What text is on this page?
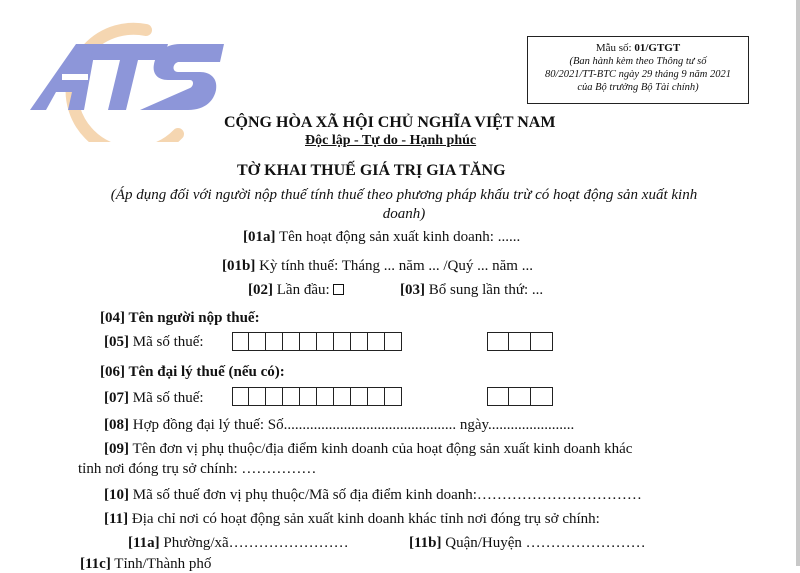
Mẫu số: 01/GTGT
(Ban hành kèm theo Thông tư số
80/2021/TT-BTC ngày 29 tháng 9 năm 2021
của Bộ trưởng Bộ Tài chính)
CỘNG HÒA XÃ HỘI CHỦ NGHĨA VIỆT NAM
Độc lập - Tự do - Hạnh phúc
TỜ KHAI THUẾ GIÁ TRỊ GIA TĂNG
(Áp dụng đối với người nộp thuế tính thuế theo phương pháp khấu trừ có hoạt động sản xuất kinh doanh)
[01a] Tên hoạt động sản xuất kinh doanh: ......
[01b] Kỳ tính thuế: Tháng ... năm ... /Quý ... năm ...
[02] Lần đầu:	[03] Bổ sung lần thứ: ...
[04] Tên người nộp thuế:
[05] Mã số thuế:
[06] Tên đại lý thuế (nếu có):
[07] Mã số thuế:
[08] Hợp đồng đại lý thuế: Số.............................................. ngày.......................
[09] Tên đơn vị phụ thuộc/địa điểm kinh doanh của hoạt động sản xuất kinh doanh khác
tỉnh nơi đóng trụ sở chính: ……………
[10] Mã số thuế đơn vị phụ thuộc/Mã số địa điểm kinh doanh:……………………………
[11] Địa chỉ nơi có hoạt động sản xuất kinh doanh khác tỉnh nơi đóng trụ sở chính:
[11a] Phường/xã……………………	[11b] Quận/Huyện ……………………
[11c] Tỉnh/Thành phố
